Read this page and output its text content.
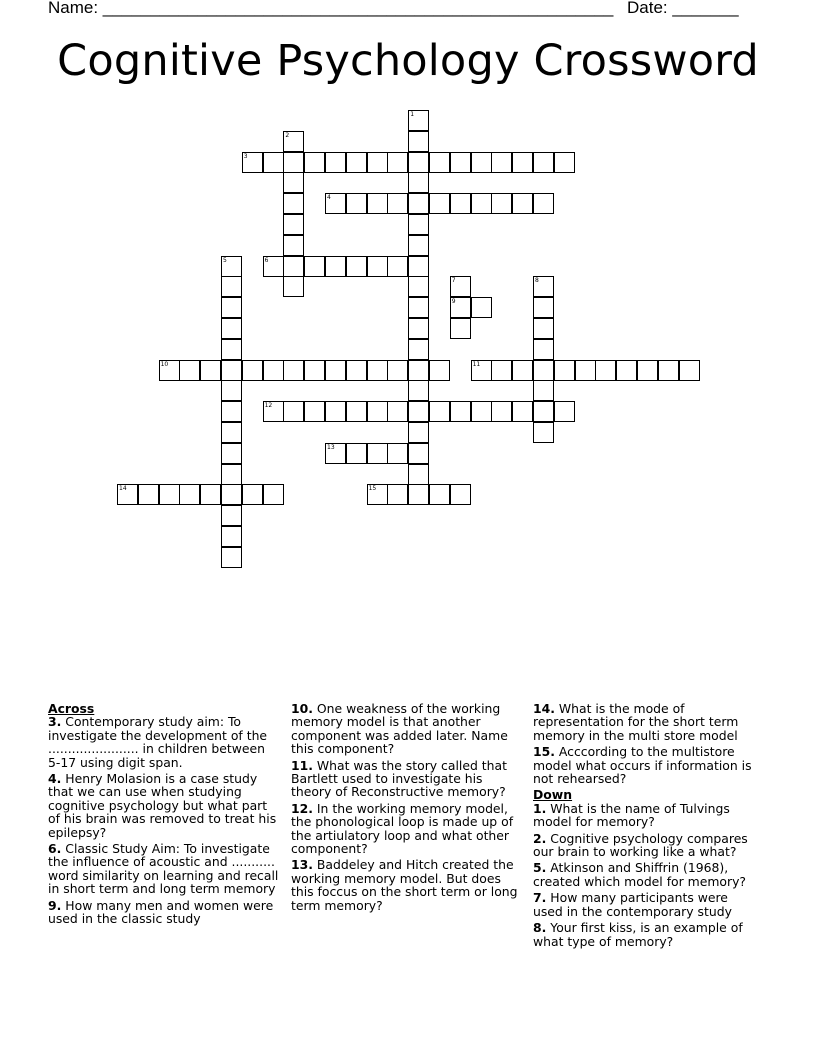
Name: ______________________________________________________ Date: _______
Cognitive Psychology Crossword
1
2
3
4
5	6
7
9
8
10	11
12
13
14	15

Across

3. Contemporary study aim: To investigate the development of the ....................... in children between 5-17 using digit span.

4. Henry Molasion is a case study that we can use when studying cognitive psychology but what part of his brain was removed to treat his epilepsy?

6. Classic Study Aim: To investigate the influence of acoustic and ........... word similarity on learning and recall in short term and long term memory

9. How many men and women were used in the classic study

10. One weakness of the working memory model is that another component was added later. Name this component?

11. What was the story called that Bartlett used to investigate his theory of Reconstructive memory?

12. In the working memory model, the phonological loop is made up of the artiulatory loop and what other component?

13. Baddeley and Hitch created the working memory model. But does this foccus on the short term or long term memory?

14. What is the mode of representation for the short term memory in the multi store model

15. Acccording to the multistore model what occurs if information is not rehearsed?

Down

1. What is the name of Tulvings model for memory?

2. Cognitive psychology compares our brain to working like a what?

5. Atkinson and Shiffrin (1968), created which model for memory?

7. How many participants were used in the contemporary study

8. Your first kiss, is an example of what type of memory?
